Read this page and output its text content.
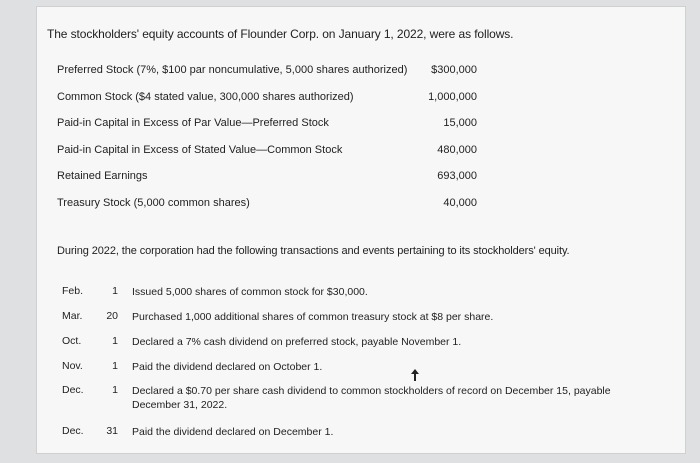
The stockholders' equity accounts of Flounder Corp. on January 1, 2022, were as follows.
Preferred Stock (7%, $100 par noncumulative, 5,000 shares authorized) $300,000
Common Stock ($4 stated value, 300,000 shares authorized)	1,000,000
Paid-in Capital in Excess of Par Value—Preferred Stock	15,000
Paid-in Capital in Excess of Stated Value—Common Stock	480,000
Retained Earnings	693,000
Treasury Stock (5,000 common shares)	40,000
During 2022, the corporation had the following transactions and events pertaining to its stockholders' equity.
Feb.	1 Issued 5,000 shares of common stock for $30,000.
Mar.	20 Purchased 1,000 additional shares of common treasury stock at $8 per share.
Oct.	1 Declared a 7% cash dividend on preferred stock, payable November 1.
Nov.	1 Paid the dividend declared on October 1.
Dec.	1 Declared a $0.70 per share cash dividend to common stockholders of record on December 15, payable December 31, 2022.
Dec.	31 Paid the dividend declared on December 1.
